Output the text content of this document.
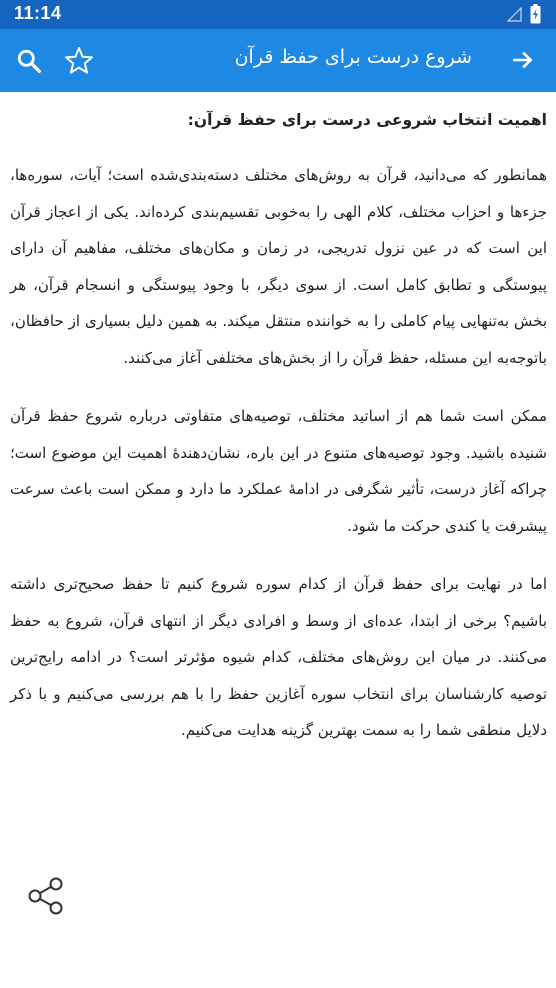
11:14
شروع درست برای حفظ قرآن
اهمیت انتخاب شروعی درست برای حفظ قرآن:

همانطور که می‌دانید، قرآن به روش‌های مختلف دسته‌بندی‌شده است؛ آیات، سوره‌ها، جزءها و احزاب مختلف، کلام الهی را به‌خوبی تقسیم‌بندی کرده‌اند. یکی از اعجاز قرآن این است که در عین نزول تدریجی، در زمان و مکان‌های مختلف، مفاهیم آن دارای پیوستگی و تطابق کامل است. از سوی دیگر، با وجود پیوستگی و انسجام قرآن، هر بخش به‌تنهایی پیام کاملی را به خواننده منتقل میکند. به همین دلیل بسیاری از حافظان، باتوجه‌به این مسئله، حفظ قرآن را از بخش‌های مختلفی آغاز می‌کنند.

ممکن است شما هم از اساتید مختلف، توصیه‌های متفاوتی درباره شروع حفظ قرآن شنیده باشید. وجود توصیه‌های متنوع در این باره، نشان‌دهندهٔ اهمیت این موضوع است؛ چراکه آغاز درست، تأثیر شگرفی در ادامهٔ عملکرد ما دارد و ممکن است باعث سرعت پیشرفت یا کندی حرکت ما شود.

اما در نهایت برای حفظ قرآن از کدام سوره شروع کنیم تا حفظ صحیح‌تری داشته باشیم؟ برخی از ابتدا، عده‌ای از وسط و افرادی دیگر از انتهای قرآن، شروع به حفظ می‌کنند. در میان این روش‌های مختلف، کدام شیوه مؤثرتر است؟ در ادامه رایج‌ترین توصیه کارشناسان برای انتخاب سوره آغازین حفظ را با هم بررسی می‌کنیم و با ذکر دلایل منطقی شما را به سمت بهترین گزینه هدایت می‌کنیم.
